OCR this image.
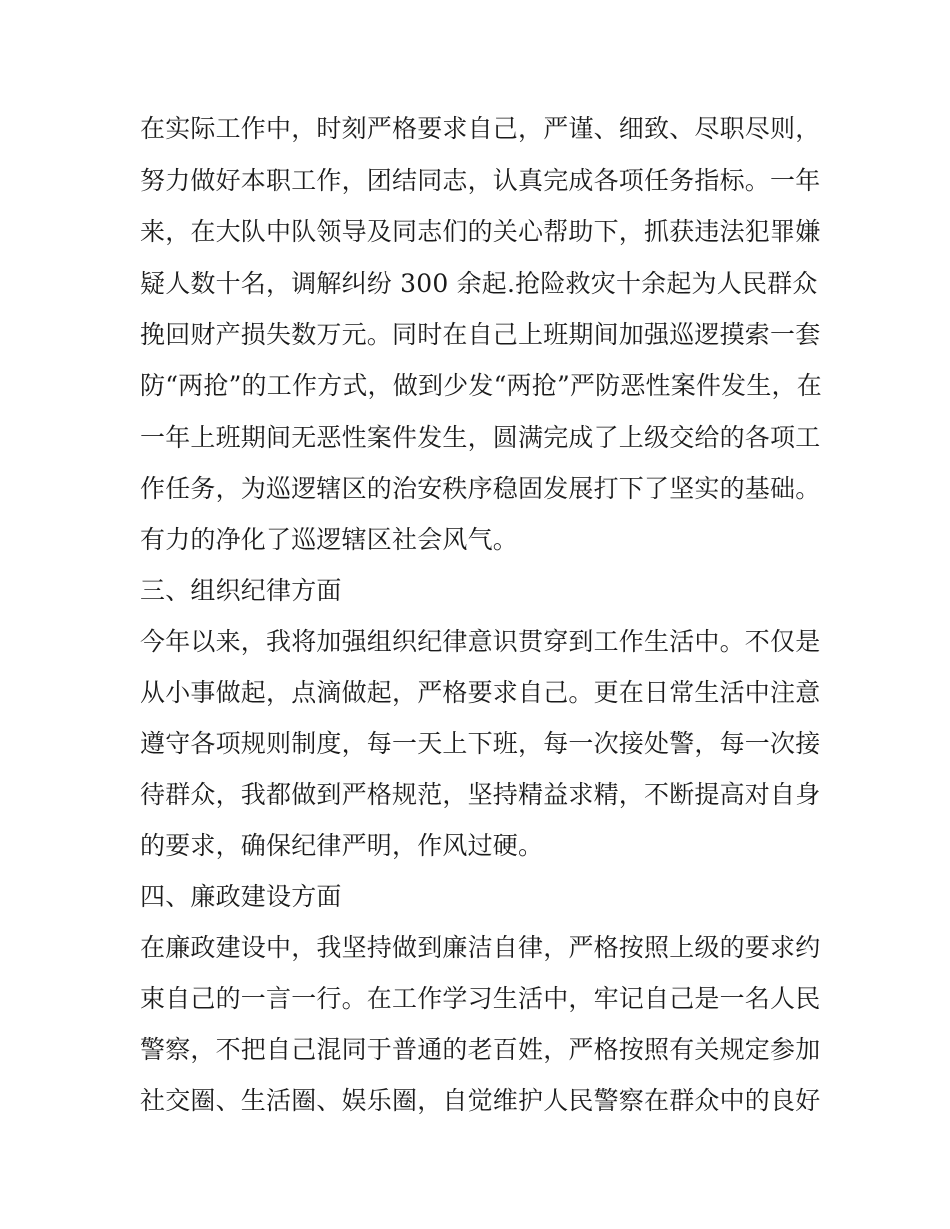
在实际工作中，时刻严格要求自己，严谨、细致、尽职尽则，
努力做好本职工作，团结同志，认真完成各项任务指标。一年
来，在大队中队领导及同志们的关心帮助下，抓获违法犯罪嫌
疑人数十名，调解纠纷 300 余起.抢险救灾十余起为人民群众
挽回财产损失数万元。同时在自己上班期间加强巡逻摸索一套
防“两抢”的工作方式，做到少发“两抢”严防恶性案件发生，在
一年上班期间无恶性案件发生，圆满完成了上级交给的各项工
作任务，为巡逻辖区的治安秩序稳固发展打下了坚实的基础。
有力的净化了巡逻辖区社会风气。
三、组织纪律方面
今年以来，我将加强组织纪律意识贯穿到工作生活中。不仅是
从小事做起，点滴做起，严格要求自己。更在日常生活中注意
遵守各项规则制度，每一天上下班，每一次接处警，每一次接
待群众，我都做到严格规范，坚持精益求精，不断提高对自身
的要求，确保纪律严明，作风过硬。
四、廉政建设方面
在廉政建设中，我坚持做到廉洁自律，严格按照上级的要求约
束自己的一言一行。在工作学习生活中，牢记自己是一名人民
警察，不把自己混同于普通的老百姓，严格按照有关规定参加
社交圈、生活圈、娱乐圈，自觉维护人民警察在群众中的良好
